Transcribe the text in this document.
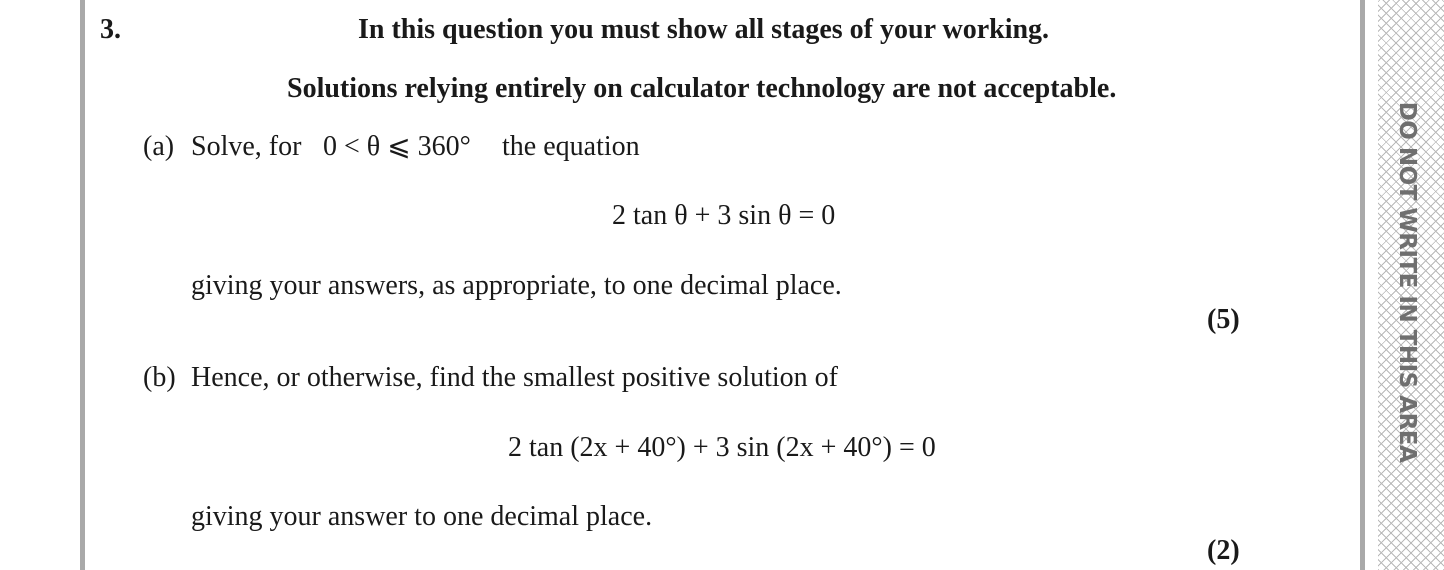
DO NOT WRITE IN THIS AREA
3.	In this question you must show all stages of your working.
Solutions relying entirely on calculator technology are not acceptable.
(a) Solve, for 0 < θ ⩽ 360° the equation
2 tan θ + 3 sin θ = 0
giving your answers, as appropriate, to one decimal place.
(5)
(b) Hence, or otherwise, find the smallest positive solution of
2 tan (2x + 40°) + 3 sin (2x + 40°) = 0
giving your answer to one decimal place.
(2)
